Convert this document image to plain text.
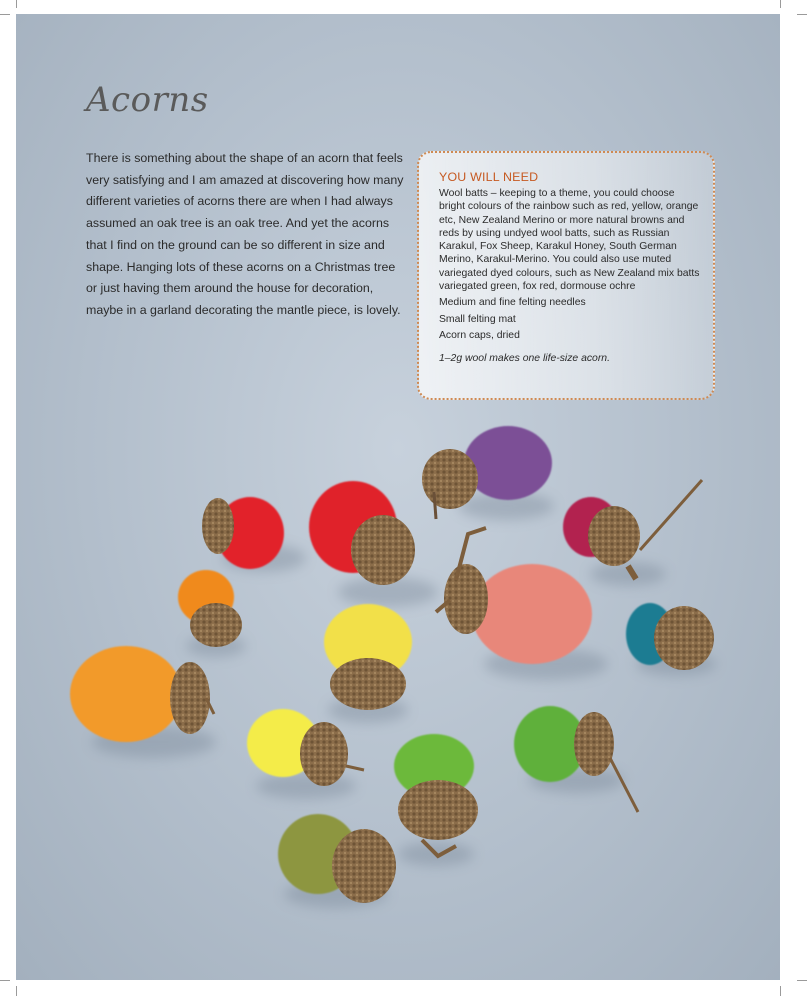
Acorns

There is something about the shape of an acorn that feels very satisfying and I am amazed at discovering how many different varieties of acorns there are when I had always assumed an oak tree is an oak tree. And yet the acorns that I find on the ground can be so different in size and shape. Hanging lots of these acorns on a Christmas tree or just having them around the house for decoration, maybe in a garland decorating the mantle piece, is lovely.

YOU WILL NEED

Wool batts – keeping to a theme, you could choose bright colours of the rainbow such as red, yellow, orange etc, New Zealand Merino or more natural browns and reds by using undyed wool batts, such as Russian Karakul, Fox Sheep, Karakul Honey, South German Merino, Karakul-Merino. You could also use muted variegated dyed colours, such as New Zealand mix batts variegated green, fox red, dormouse ochre

Medium and fine felting needles

Small felting mat

Acorn caps, dried

1–2g wool makes one life-size acorn.
